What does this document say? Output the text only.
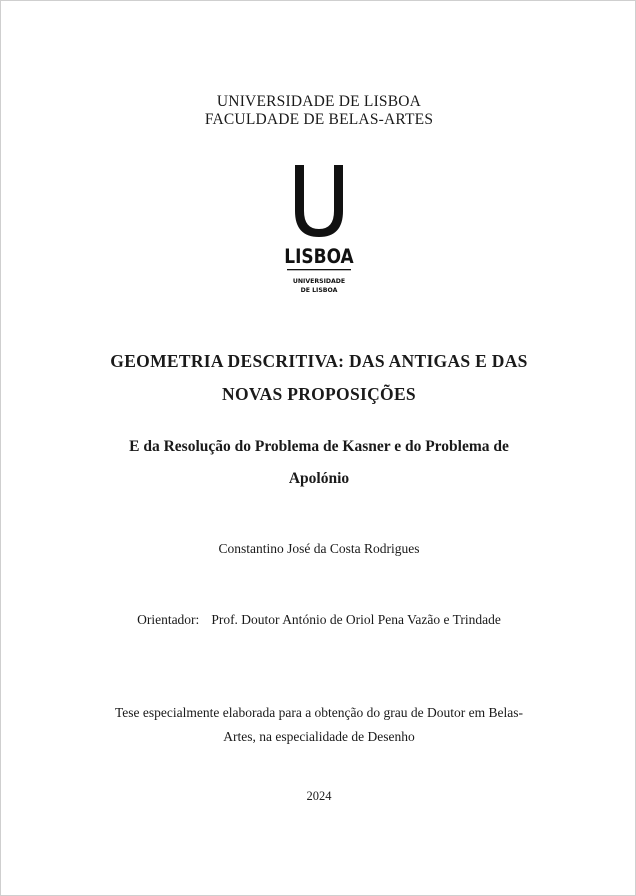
UNIVERSIDADE DE LISBOA
FACULDADE DE BELAS-ARTES
LISBOA
UNIVERSIDADE
DE LISBOA
GEOMETRIA DESCRITIVA: DAS ANTIGAS E DAS
NOVAS PROPOSIÇÕES
E da Resolução do Problema de Kasner e do Problema de
Apolónio
Constantino José da Costa Rodrigues
Orientador: Prof. Doutor António de Oriol Pena Vazão e Trindade
Tese especialmente elaborada para a obtenção do grau de Doutor em Belas-
Artes, na especialidade de Desenho
2024
